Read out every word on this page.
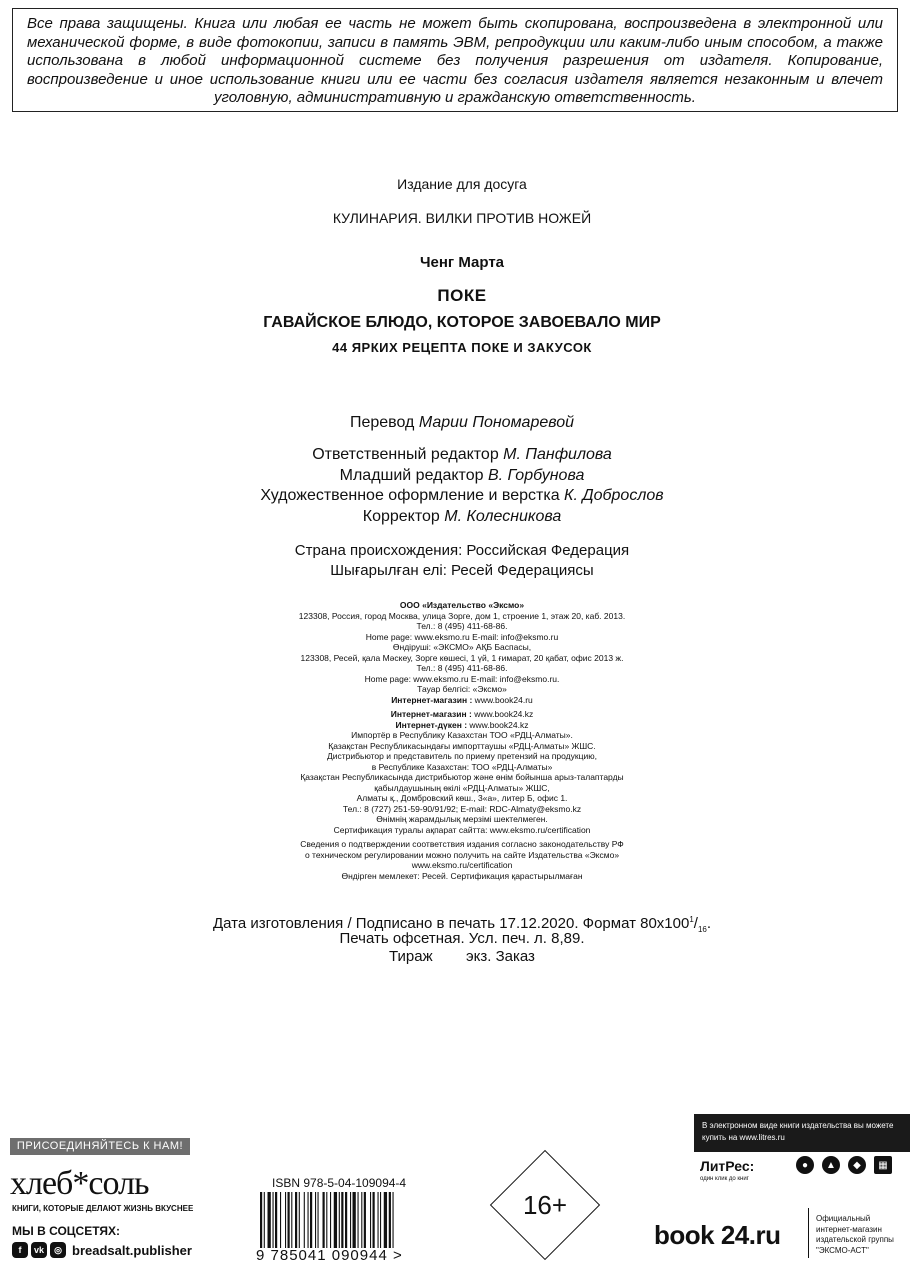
Все права защищены. Книга или любая ее часть не может быть скопирована, воспроизведена в электронной или механической форме, в виде фотокопии, записи в память ЭВМ, репродукции или каким-либо иным способом, а также использована в любой информационной системе без получения разрешения от издателя. Копирование, воспроизведение и иное использование книги или ее части без согласия издателя является незаконным и влечет уголовную, административную и гражданскую ответственность.
Издание для досуга
КУЛИНАРИЯ. ВИЛКИ ПРОТИВ НОЖЕЙ
Ченг Марта
ПОКЕ
ГАВАЙСКОЕ БЛЮДО, КОТОРОЕ ЗАВОЕВАЛО МИР
44 ЯРКИХ РЕЦЕПТА ПОКЕ И ЗАКУСОК
Перевод Марии Пономаревой
Ответственный редактор М. Панфилова
Младший редактор В. Горбунова
Художественное оформление и верстка К. Доброслов
Корректор М. Колесникова
Страна происхождения: Российская Федерация
Шығарылған елі: Ресей Федерациясы
ООО «Издательство «Эксмо»
123308, Россия, город Москва, улица Зорге, дом 1, строение 1, этаж 20, каб. 2013.
Тел.: 8 (495) 411-68-86.
Home page: www.eksmo.ru E-mail: info@eksmo.ru
Өндіруші: «ЭКСМО» АҚБ Баспасы,
123308, Ресей, қала Мәскеу, Зорге көшесі, 1 үй, 1 ғимарат, 20 қабат, офис 2013 ж.
Тел.: 8 (495) 411-68-86.
Home page: www.eksmo.ru E-mail: info@eksmo.ru.
Тауар белгісі: «Эксмо»
Интернет-магазин : www.book24.ru
Интернет-магазин : www.book24.kz
Интернет-дүкен : www.book24.kz
Импортёр в Республику Казахстан ТОО «РДЦ-Алматы».
Қазақстан Республикасындағы импорттаушы «РДЦ-Алматы» ЖШС.
Дистрибьютор и представитель по приему претензий на продукцию,
в Республике Казахстан: ТОО «РДЦ-Алматы»
Қазақстан Республикасында дистрибьютор және өнім бойынша арыз-талаптарды
қабылдаушының өкілі «РДЦ-Алматы» ЖШС,
Алматы қ., Домбровский көш., 3«а», литер Б, офис 1.
Тел.: 8 (727) 251-59-90/91/92; E-mail: RDC-Almaty@eksmo.kz
Өнімнің жарамдылық мерзімі шектелмеген.
Сертификация туралы ақпарат сайтта: www.eksmo.ru/certification
Сведения о подтверждении соответствия издания согласно законодательству РФ
о техническом регулировании можно получить на сайте Издательства «Эксмо»
www.eksmo.ru/certification
Өндірген мемлекет: Ресей. Сертификация қарастырылмаған
Дата изготовления / Подписано в печать 17.12.2020. Формат $80x100^1/_{16}$.
Печать офсетная. Усл. печ. л. 8,89.
Тираж        экз. Заказ
ПРИСОЕДИНЯЙТЕСЬ К НАМ!
хлеб*соль
КНИГИ, КОТОРЫЕ ДЕЛАЮТ ЖИЗНЬ ВКУСНЕЕ
МЫ В СОЦСЕТЯХ:
f	vk	◎ breadsalt.publisher
ISBN 978-5-04-109094-4
9 785041 090944 >
16+
В электронном виде книги издательства вы можете
купить на www.litres.ru
ЛитРес:
один клик до книг
●	▲	◆	▦
book 24.ru
Официальный
интернет-магазин
издательской группы
"ЭКСМО-АСТ"
